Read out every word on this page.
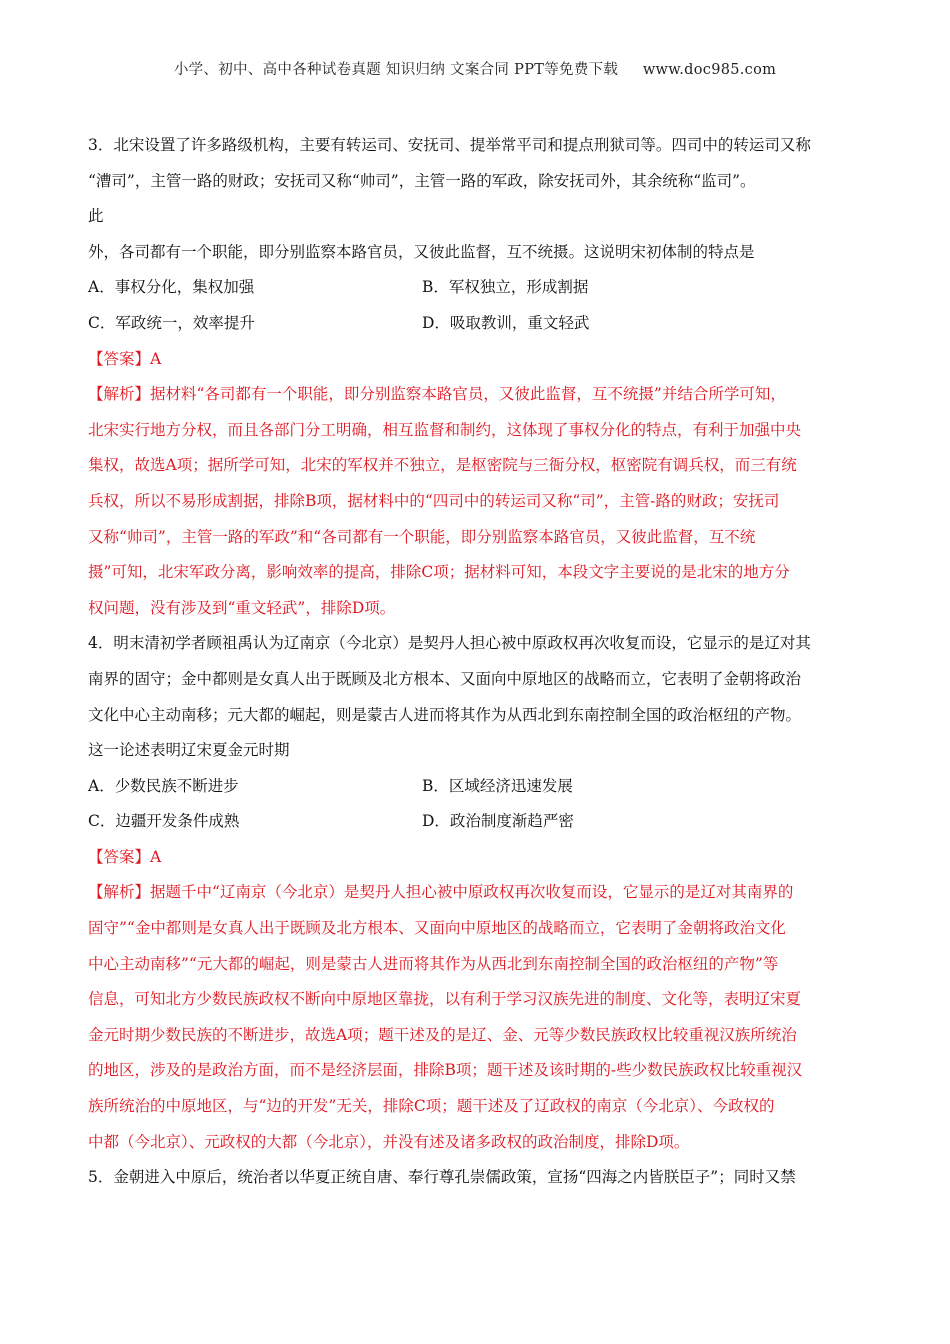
小学、初中、高中各种试卷真题 知识归纳 文案合同 PPT等免费下载 　 www.doc985.com

3．北宋设置了许多路级机构，主要有转运司、安抚司、提举常平司和提点刑狱司等。四司中的转运司又称

“漕司”，主管一路的财政；安抚司又称“帅司”，主管一路的军政，除安抚司外，其余统称“监司”。

此

外，各司都有一个职能，即分别监察本路官员，又彼此监督，互不统摄。这说明宋初体制的特点是

A．事权分化，集权加强	B．军权独立，形成割据
C．军政统一，效率提升	D．吸取教训，重文轻武

【答案】A

【解析】据材料“各司都有一个职能，即分别监察本路官员，又彼此监督，互不统摄”并结合所学可知，

北宋实行地方分权，而且各部门分工明确，相互监督和制约，这体现了事权分化的特点，有利于加强中央

集权，故选A项；据所学可知，北宋的军权并不独立，是枢密院与三衙分权，枢密院有调兵权，而三有统

兵权，所以不易形成割据，排除B项，据材料中的“四司中的转运司又称“司”，主管-路的财政；安抚司

又称“帅司”，主管一路的军政”和“各司都有一个职能，即分别监察本路官员，又彼此监督，互不统

摄”可知，北宋军政分离，影响效率的提高，排除C项；据材料可知，本段文字主要说的是北宋的地方分

权问题，没有涉及到“重文轻武”，排除D项。

4．明末清初学者顾祖禹认为辽南京（今北京）是契丹人担心被中原政权再次收复而设，它显示的是辽对其

南界的固守；金中都则是女真人出于既顾及北方根本、又面向中原地区的战略而立，它表明了金朝将政治

文化中心主动南移；元大都的崛起，则是蒙古人进而将其作为从西北到东南控制全国的政治枢纽的产物。

这一论述表明辽宋夏金元时期

A．少数民族不断进步	B．区域经济迅速发展
C．边疆开发条件成熟	D．政治制度渐趋严密

【答案】A

【解析】据题千中“辽南京（今北京）是契丹人担心被中原政权再次收复而设，它显示的是辽对其南界的

固守”“金中都则是女真人出于既顾及北方根本、又面向中原地区的战略而立，它表明了金朝将政治文化

中心主动南移”“元大都的崛起，则是蒙古人进而将其作为从西北到东南控制全国的政治枢纽的产物”等

信息，可知北方少数民族政权不断向中原地区靠拢，以有利于学习汉族先进的制度、文化等，表明辽宋夏

金元时期少数民族的不断进步，故选A项；题干述及的是辽、金、元等少数民族政权比较重视汉族所统治

的地区，涉及的是政治方面，而不是经济层面，排除B项；题干述及该时期的-些少数民族政权比较重视汉

族所统治的中原地区，与“边的开发”无关，排除C项；题干述及了辽政权的南京（今北京）、今政权的

中都（今北京）、元政权的大都（今北京），并没有述及诸多政权的政治制度，排除D项。

5．金朝进入中原后，统治者以华夏正统自唐、奉行尊孔崇儒政策，宣扬“四海之内皆朕臣子”；同时又禁
